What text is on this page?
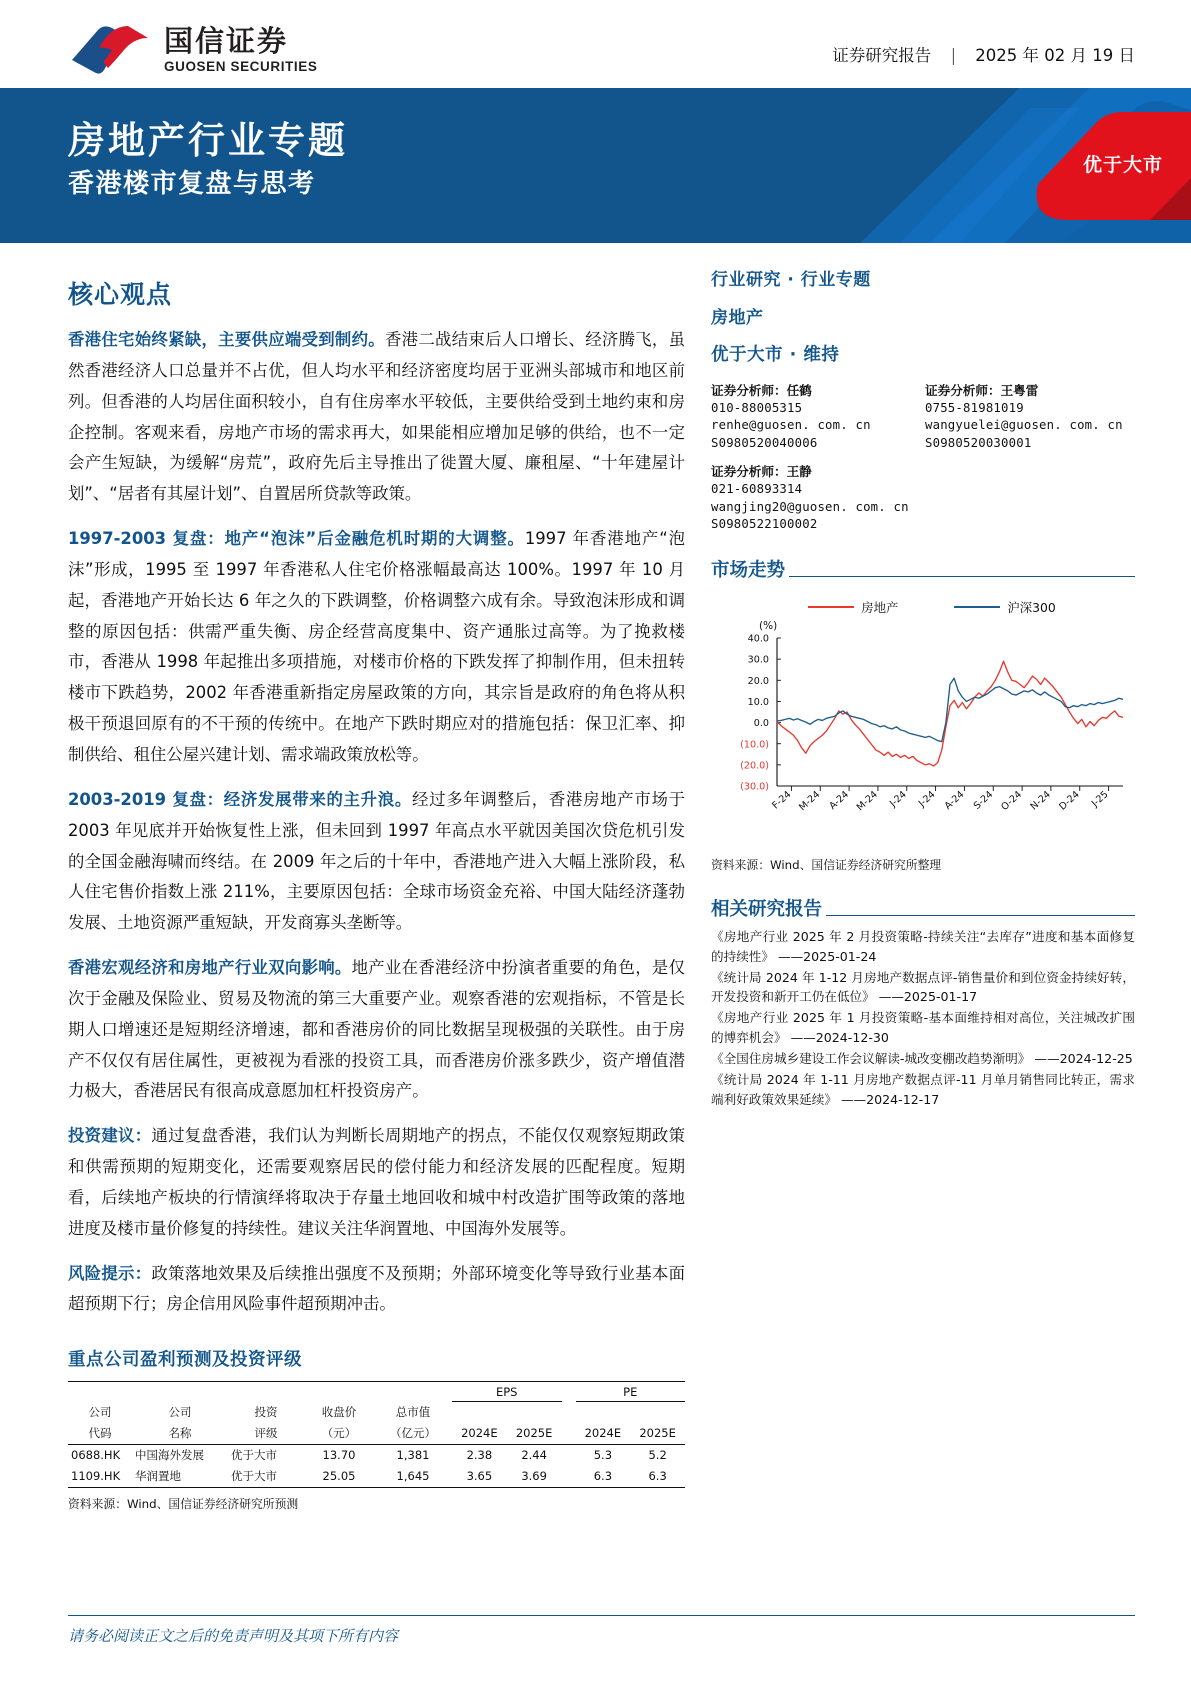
国信证券
GUOSEN SECURITIES
证券研究报告 | 2025 年 02 月 19 日
房地产行业专题
香港楼市复盘与思考
优于大市
核心观点

香港住宅始终紧缺，主要供应端受到制约。香港二战结束后人口增长、经济腾飞，虽然香港经济人口总量并不占优，但人均水平和经济密度均居于亚洲头部城市和地区前列。但香港的人均居住面积较小，自有住房率水平较低，主要供给受到土地约束和房企控制。客观来看，房地产市场的需求再大，如果能相应增加足够的供给，也不一定会产生短缺，为缓解“房荒”，政府先后主导推出了徙置大厦、廉租屋、“十年建屋计划”、“居者有其屋计划”、自置居所贷款等政策。

1997-2003 复盘：地产“泡沫”后金融危机时期的大调整。1997 年香港地产“泡沫”形成，1995 至 1997 年香港私人住宅价格涨幅最高达 100%。1997 年 10 月起，香港地产开始长达 6 年之久的下跌调整，价格调整六成有余。导致泡沫形成和调整的原因包括：供需严重失衡、房企经营高度集中、资产通胀过高等。为了挽救楼市，香港从 1998 年起推出多项措施，对楼市价格的下跌发挥了抑制作用，但未扭转楼市下跌趋势，2002 年香港重新指定房屋政策的方向，其宗旨是政府的角色将从积极干预退回原有的不干预的传统中。在地产下跌时期应对的措施包括：保卫汇率、抑制供给、租住公屋兴建计划、需求端政策放松等。

2003-2019 复盘：经济发展带来的主升浪。经过多年调整后，香港房地产市场于 2003 年见底并开始恢复性上涨，但未回到 1997 年高点水平就因美国次贷危机引发的全国金融海啸而终结。在 2009 年之后的十年中，香港地产进入大幅上涨阶段，私人住宅售价指数上涨 211%，主要原因包括：全球市场资金充裕、中国大陆经济蓬勃发展、土地资源严重短缺，开发商寡头垄断等。

香港宏观经济和房地产行业双向影响。地产业在香港经济中扮演者重要的角色，是仅次于金融及保险业、贸易及物流的第三大重要产业。观察香港的宏观指标，不管是长期人口增速还是短期经济增速，都和香港房价的同比数据呈现极强的关联性。由于房产不仅仅有居住属性，更被视为看涨的投资工具，而香港房价涨多跌少，资产增值潜力极大，香港居民有很高成意愿加杠杆投资房产。

投资建议：通过复盘香港，我们认为判断长周期地产的拐点，不能仅仅观察短期政策和供需预期的短期变化，还需要观察居民的偿付能力和经济发展的匹配程度。短期看，后续地产板块的行情演绎将取决于存量土地回收和城中村改造扩围等政策的落地进度及楼市量价修复的持续性。建议关注华润置地、中国海外发展等。

风险提示：政策落地效果及后续推出强度不及预期；外部环境变化等导致行业基本面超预期下行；房企信用风险事件超预期冲击。

重点公司盈利预测及投资评级
					EPS			PE	
公司	公司	投资	收盘价	总市值					
代码	名称	评级	（元）	（亿元）	2024E	2025E		2024E	2025E
0688.HK	中国海外发展	优于大市	13.70	1,381	2.38	2.44		5.3	5.2
1109.HK	华润置地	优于大市	25.05	1,645	3.65	3.69		6.3	6.3
资料来源：Wind、国信证券经济研究所预测
行业研究 · 行业专题
房地产
优于大市 · 维持
证券分析师：任鹤
010-88005315
renhe@guosen. com. cn
S0980520040006
证券分析师：王粤雷
0755-81981019
wangyuelei@guosen. com. cn
S0980520030001
证券分析师：王静
021-60893314
wangjing20@guosen. com. cn
S0980522100002
市场走势
房地产	沪深300
(%)
40.0
30.0
20.0
10.0
0.0
(10.0)
(20.0)
(30.0)
F-24 M-24 A-24 M-24 J-24 J-24 A-24 S-24 O-24 N-24 D-24 J-25
资料来源：Wind、国信证券经济研究所整理
相关研究报告
《房地产行业 2025 年 2 月投资策略-持续关注“去库存”进度和基本面修复的持续性》 ——2025-01-24
《统计局 2024 年 1-12 月房地产数据点评-销售量价和到位资金持续好转，开发投资和新开工仍在低位》 ——2025-01-17
《房地产行业 2025 年 1 月投资策略-基本面维持相对高位，关注城改扩围的博弈机会》 ——2024-12-30
《全国住房城乡建设工作会议解读-城改变棚改趋势渐明》 ——2024-12-25
《统计局 2024 年 1-11 月房地产数据点评-11 月单月销售同比转正，需求端利好政策效果延续》 ——2024-12-17
请务必阅读正文之后的免责声明及其项下所有内容
